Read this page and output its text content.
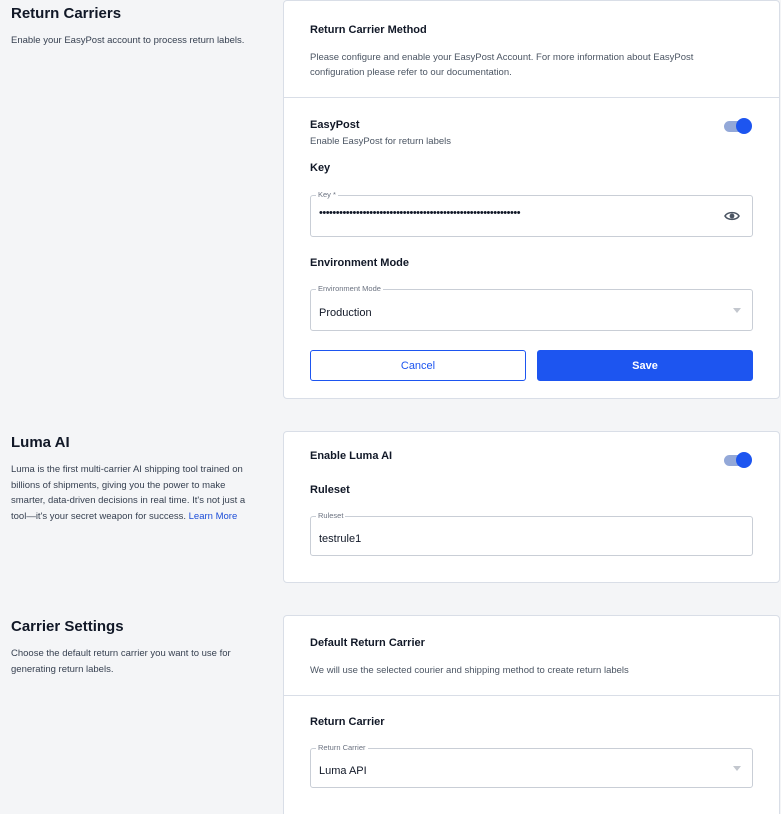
Return Carriers
Enable your EasyPost account to process return labels.
Return Carrier Method
Please configure and enable your EasyPost Account. For more information about EasyPost configuration please refer to our documentation.
EasyPost
Enable EasyPost for return labels
Key
Key *
••••••••••••••••••••••••••••••••••••••••••••••••••••••••••••
Environment Mode
Environment Mode
Production
Cancel	Save
Luma AI
Luma is the first multi-carrier AI shipping tool trained on billions of shipments, giving you the power to make smarter, data-driven decisions in real time. It's not just a tool—it's your secret weapon for success. Learn More
Enable Luma AI
Ruleset
Ruleset
testrule1
Carrier Settings
Choose the default return carrier you want to use for generating return labels.
Default Return Carrier
We will use the selected courier and shipping method to create return labels
Return Carrier
Return Carrier
Luma API
